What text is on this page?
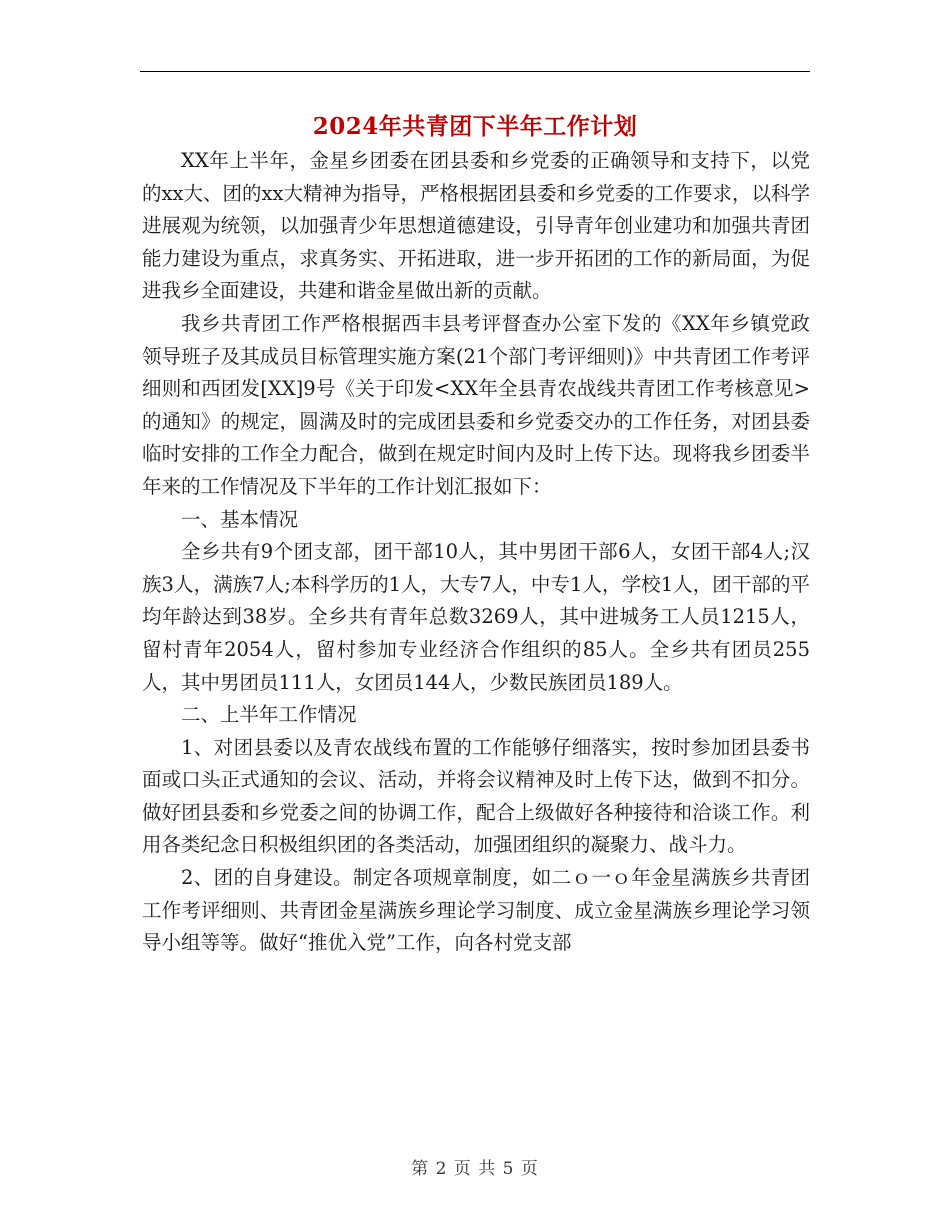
2024年共青团下半年工作计划

XX年上半年，金星乡团委在团县委和乡党委的正确领导和支持下，以党的xx大、团的xx大精神为指导，严格根据团县委和乡党委的工作要求，以科学进展观为统领，以加强青少年思想道德建设，引导青年创业建功和加强共青团能力建设为重点，求真务实、开拓进取，进一步开拓团的工作的新局面，为促进我乡全面建设，共建和谐金星做出新的贡献。

我乡共青团工作严格根据西丰县考评督查办公室下发的《XX年乡镇党政领导班子及其成员目标管理实施方案(21个部门考评细则)》中共青团工作考评细则和西团发[XX]9号《关于印发<XX年全县青农战线共青团工作考核意见>的通知》的规定，圆满及时的完成团县委和乡党委交办的工作任务，对团县委临时安排的工作全力配合，做到在规定时间内及时上传下达。现将我乡团委半年来的工作情况及下半年的工作计划汇报如下：

一、基本情况

全乡共有9个团支部，团干部10人，其中男团干部6人，女团干部4人;汉族3人，满族7人;本科学历的1人，大专7人，中专1人，学校1人，团干部的平均年龄达到38岁。全乡共有青年总数3269人，其中进城务工人员1215人，留村青年2054人，留村参加专业经济合作组织的85人。全乡共有团员255人，其中男团员111人，女团员144人，少数民族团员189人。

二、上半年工作情况

1、对团县委以及青农战线布置的工作能够仔细落实，按时参加团县委书面或口头正式通知的会议、活动，并将会议精神及时上传下达，做到不扣分。做好团县委和乡党委之间的协调工作，配合上级做好各种接待和洽谈工作。利用各类纪念日积极组织团的各类活动，加强团组织的凝聚力、战斗力。

2、团的自身建设。制定各项规章制度，如二ｏ一ｏ年金星满族乡共青团工作考评细则、共青团金星满族乡理论学习制度、成立金星满族乡理论学习领导小组等等。做好“推优入党”工作，向各村党支部

第 2 页 共 5 页
